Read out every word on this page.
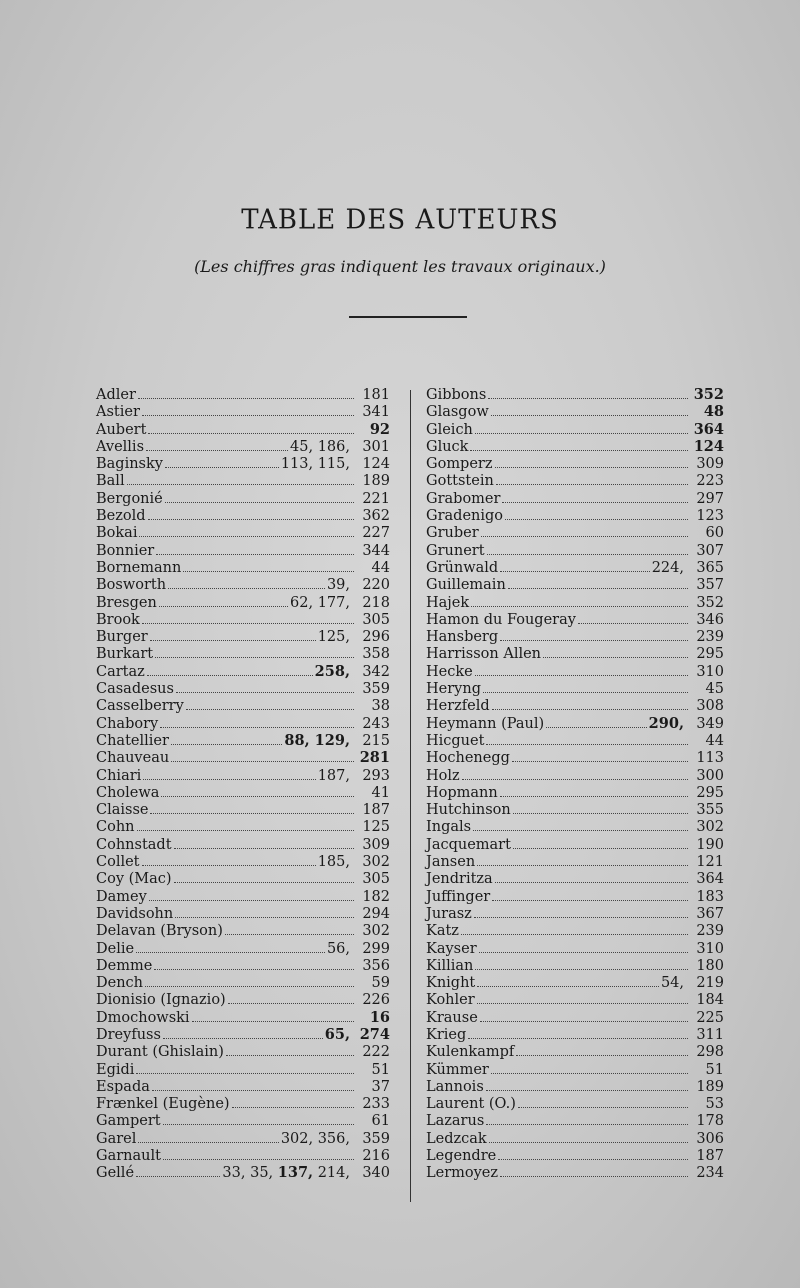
TABLE DES AUTEURS
(Les chiffres gras indiquent les travaux originaux.)
Adler	181
Astier	341
Aubert	92
Avellis	45, 186, 301
Baginsky	113, 115, 124
Ball	189
Bergonié	221
Bezold	362
Bokai	227
Bonnier	344
Bornemann	44
Bosworth	39, 220
Bresgen	62, 177, 218
Brook	305
Burger	125, 296
Burkart	358
Cartaz	258, 342
Casadesus	359
Casselberry	38
Chabory	243
Chatellier	88, 129, 215
Chauveau	281
Chiari	187, 293
Cholewa	41
Claisse	187
Cohn	125
Cohnstadt	309
Collet	185, 302
Coy (Mac)	305
Damey	182
Davidsohn	294
Delavan (Bryson)	302
Delie	56, 299
Demme	356
Dench	59
Dionisio (Ignazio)	226
Dmochowski	16
Dreyfuss	65, 274
Durant (Ghislain)	222
Egidi	51
Espada	37
Frænkel (Eugène)	233
Gampert	61
Garel	302, 356, 359
Garnault	216
Gellé	33, 35, 137, 214, 340
Gibbons	352
Glasgow	48
Gleich	364
Gluck	124
Gomperz	309
Gottstein	223
Grabomer	297
Gradenigo	123
Gruber	60
Grunert	307
Grünwald	224, 365
Guillemain	357
Hajek	352
Hamon du Fougeray	346
Hansberg	239
Harrisson Allen	295
Hecke	310
Heryng	45
Herzfeld	308
Heymann (Paul)	290, 349
Hicguet	44
Hochenegg	113
Holz	300
Hopmann	295
Hutchinson	355
Ingals	302
Jacquemart	190
Jansen	121
Jendritza	364
Juffinger	183
Jurasz	367
Katz	239
Kayser	310
Killian	180
Knight	54, 219
Kohler	184
Krause	225
Krieg	311
Kulenkampf	298
Kümmer	51
Lannois	189
Laurent (O.)	53
Lazarus	178
Ledzcak	306
Legendre	187
Lermoyez	234
